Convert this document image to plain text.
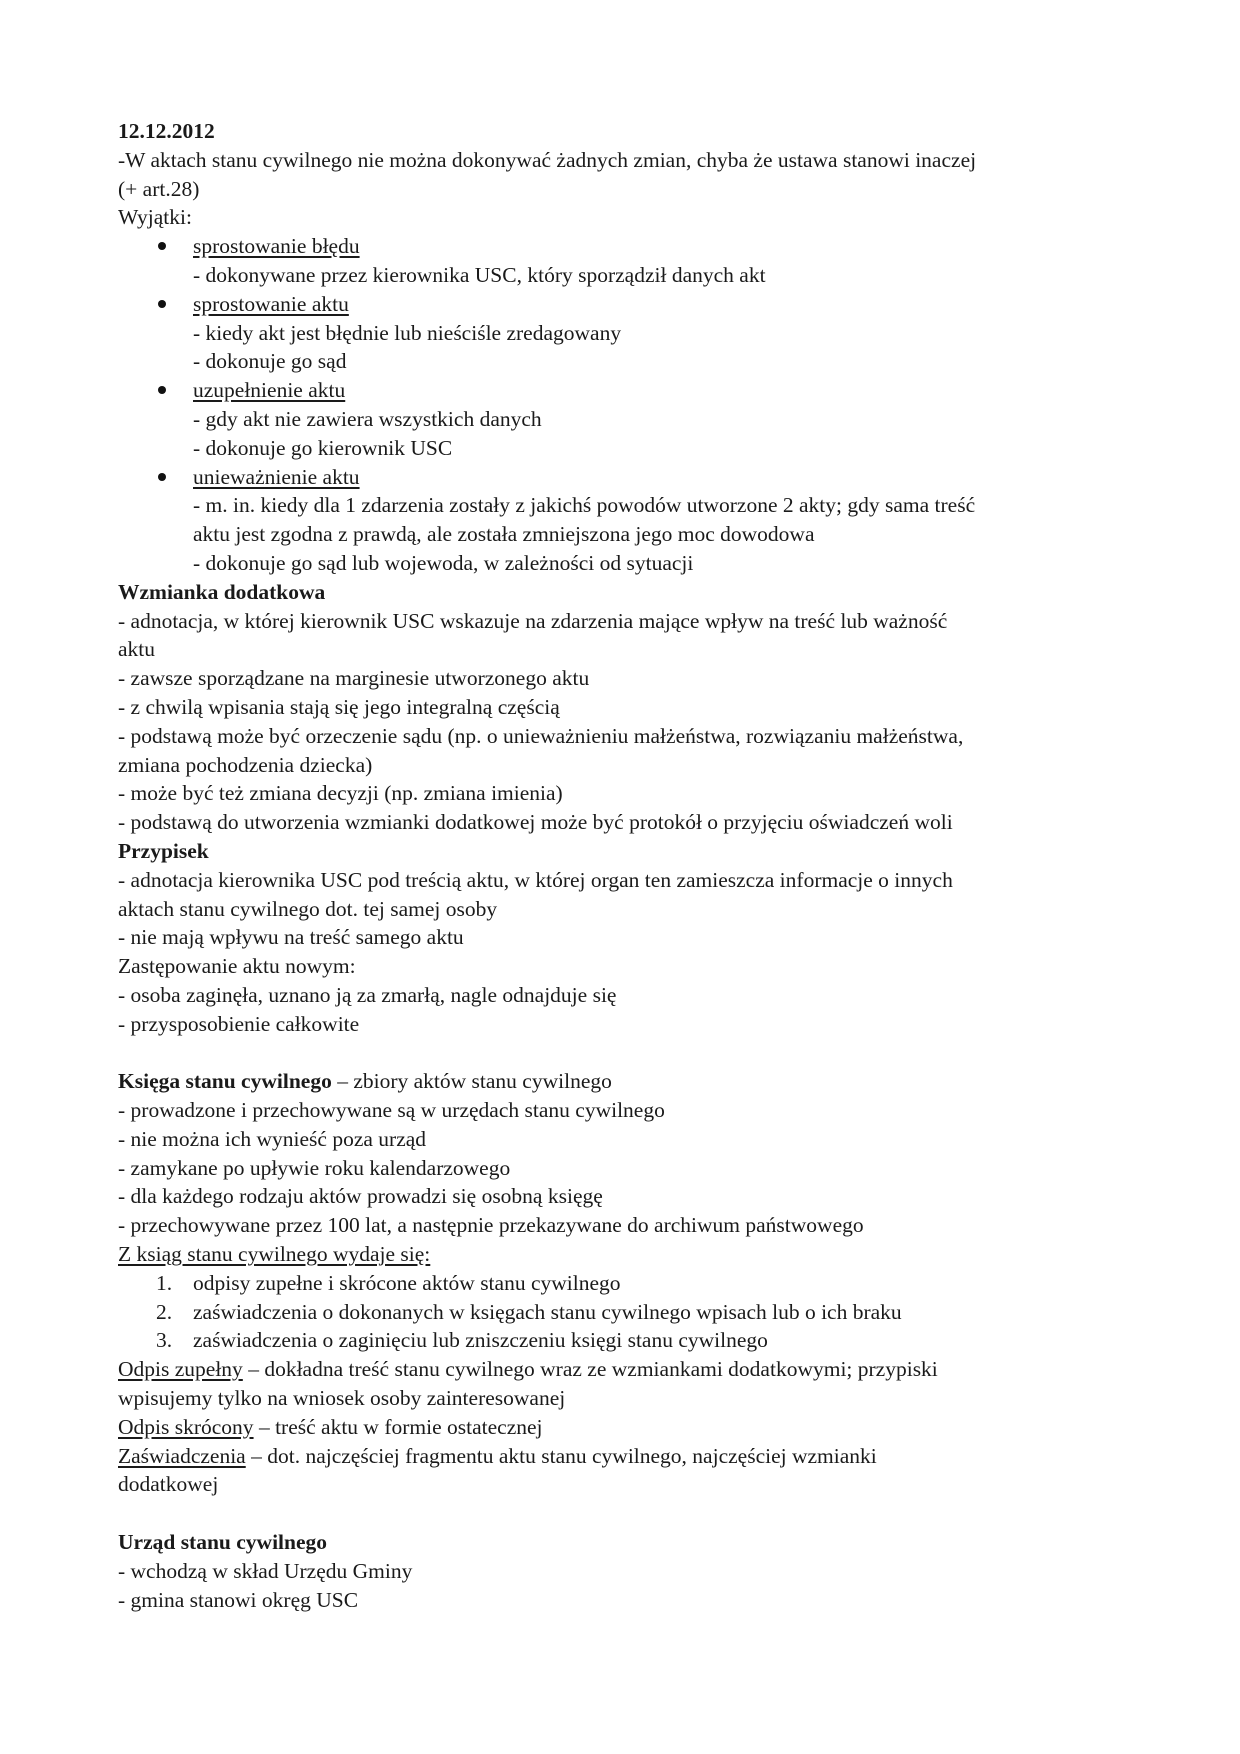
12.12.2012
-W aktach stanu cywilnego nie można dokonywać żadnych zmian, chyba że ustawa stanowi inaczej
(+ art.28)
Wyjątki:
sprostowanie błędu
- dokonywane przez kierownika USC, który sporządził danych akt
sprostowanie aktu
- kiedy akt jest błędnie lub nieściśle zredagowany
- dokonuje go sąd
uzupełnienie aktu
- gdy akt nie zawiera wszystkich danych
- dokonuje go kierownik USC
unieważnienie aktu
- m. in. kiedy dla 1 zdarzenia zostały z jakichś powodów utworzone 2 akty; gdy sama treść
aktu jest zgodna z prawdą, ale została zmniejszona jego moc dowodowa
- dokonuje go sąd lub wojewoda, w zależności od sytuacji
Wzmianka dodatkowa
- adnotacja, w której kierownik USC wskazuje na zdarzenia mające wpływ na treść lub ważność
aktu
- zawsze sporządzane na marginesie utworzonego aktu
- z chwilą wpisania stają się jego integralną częścią
- podstawą może być orzeczenie sądu (np. o unieważnieniu małżeństwa, rozwiązaniu małżeństwa,
zmiana pochodzenia dziecka)
- może być też zmiana decyzji (np. zmiana imienia)
- podstawą do utworzenia wzmianki dodatkowej może być protokół o przyjęciu oświadczeń woli
Przypisek
- adnotacja kierownika USC pod treścią aktu, w której organ ten zamieszcza informacje o innych
aktach stanu cywilnego dot. tej samej osoby
- nie mają wpływu na treść samego aktu
Zastępowanie aktu nowym:
- osoba zaginęła, uznano ją za zmarłą, nagle odnajduje się
- przysposobienie całkowite
Księga stanu cywilnego – zbiory aktów stanu cywilnego
- prowadzone i przechowywane są w urzędach stanu cywilnego
- nie można ich wynieść poza urząd
- zamykane po upływie roku kalendarzowego
- dla każdego rodzaju aktów prowadzi się osobną księgę
- przechowywane przez 100 lat, a następnie przekazywane do archiwum państwowego
Z ksiąg stanu cywilnego wydaje się:
1. odpisy zupełne i skrócone aktów stanu cywilnego
2. zaświadczenia o dokonanych w księgach stanu cywilnego wpisach lub o ich braku
3. zaświadczenia o zaginięciu lub zniszczeniu księgi stanu cywilnego
Odpis zupełny – dokładna treść stanu cywilnego wraz ze wzmiankami dodatkowymi; przypiski
wpisujemy tylko na wniosek osoby zainteresowanej
Odpis skrócony – treść aktu w formie ostatecznej
Zaświadczenia – dot. najczęściej fragmentu aktu stanu cywilnego, najczęściej wzmianki
dodatkowej
Urząd stanu cywilnego
- wchodzą w skład Urzędu Gminy
- gmina stanowi okręg USC
